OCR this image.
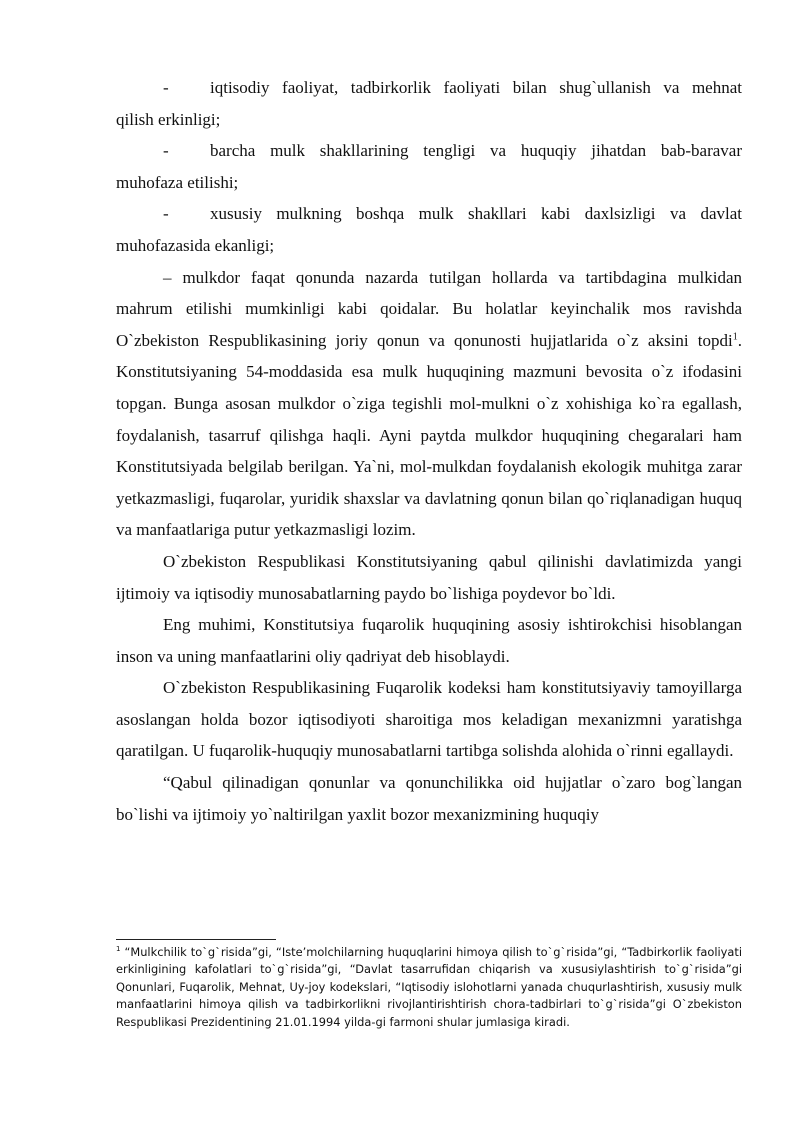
- iqtisodiy faoliyat, tadbirkorlik faoliyati bilan shug`ullanish va mehnat
qilish erkinligi;
- barcha mulk shakllarining tengligi va huquqiy jihatdan bab-baravar
muhofaza etilishi;
- xususiy mulkning boshqa mulk shakllari kabi daxlsizligi va davlat
muhofazasida ekanligi;

– mulkdor faqat qonunda nazarda tutilgan hollarda va tartibdagina mulkidan mahrum etilishi mumkinligi kabi qoidalar. Bu holatlar keyinchalik mos ravishda O`zbekiston Respublikasining joriy qonun va qonunosti hujjatlarida o`z aksini topdi$^1$. Konstitutsiyaning 54-moddasida esa mulk huquqining mazmuni bevosita o`z ifodasini topgan. Bunga asosan mulkdor o`ziga tegishli mol-mulkni o`z xohishiga ko`ra egallash, foydalanish, tasarruf qilishga haqli. Ayni paytda mulkdor huquqining chegaralari ham Konstitutsiyada belgilab berilgan. Ya`ni, mol-mulkdan foydalanish ekologik muhitga zarar yetkazmasligi, fuqarolar, yuridik shaxslar va davlatning qonun bilan qo`riqlanadigan huquq va manfaatlariga putur yetkazmasligi lozim.

O`zbekiston Respublikasi Konstitutsiyaning qabul qilinishi davlatimizda yangi ijtimoiy va iqtisodiy munosabatlarning paydo bo`lishiga poydevor bo`ldi.

Eng muhimi, Konstitutsiya fuqarolik huquqining asosiy ishtirokchisi hisoblangan inson va uning manfaatlarini oliy qadriyat deb hisoblaydi.

O`zbekiston Respublikasining Fuqarolik kodeksi ham konstitutsiyaviy tamoyillarga asoslangan holda bozor iqtisodiyoti sharoitiga mos keladigan mexanizmni yaratishga qaratilgan. U fuqarolik-huquqiy munosabatlarni tartibga solishda alohida o`rinni egallaydi.

“Qabul qilinadigan qonunlar va qonunchilikka oid hujjatlar o`zaro bog`langan bo`lishi va ijtimoiy yo`naltirilgan yaxlit bozor mexanizmining huquqiy

$^1$ “Mulkchilik to`g`risida”gi, “Iste’molchilarning huquqlarini himoya qilish to`g`risida”gi, “Tadbirkorlik faoliyati erkinligining kafolatlari to`g`risida”gi, “Davlat tasarrufidan chiqarish va xususiylashtirish to`g`risida”gi Qonunlari, Fuqarolik, Mehnat, Uy-joy kodekslari, “Iqtisodiy islohotlarni yanada chuqurlashtirish, xususiy mulk manfaatlarini himoya qilish va tadbirkorlikni rivojlantirishtirish chora-tadbirlari to`g`risida”gi O`zbekiston Respublikasi Prezidentining 21.01.1994 yilda-gi farmoni shular jumlasiga kiradi.
